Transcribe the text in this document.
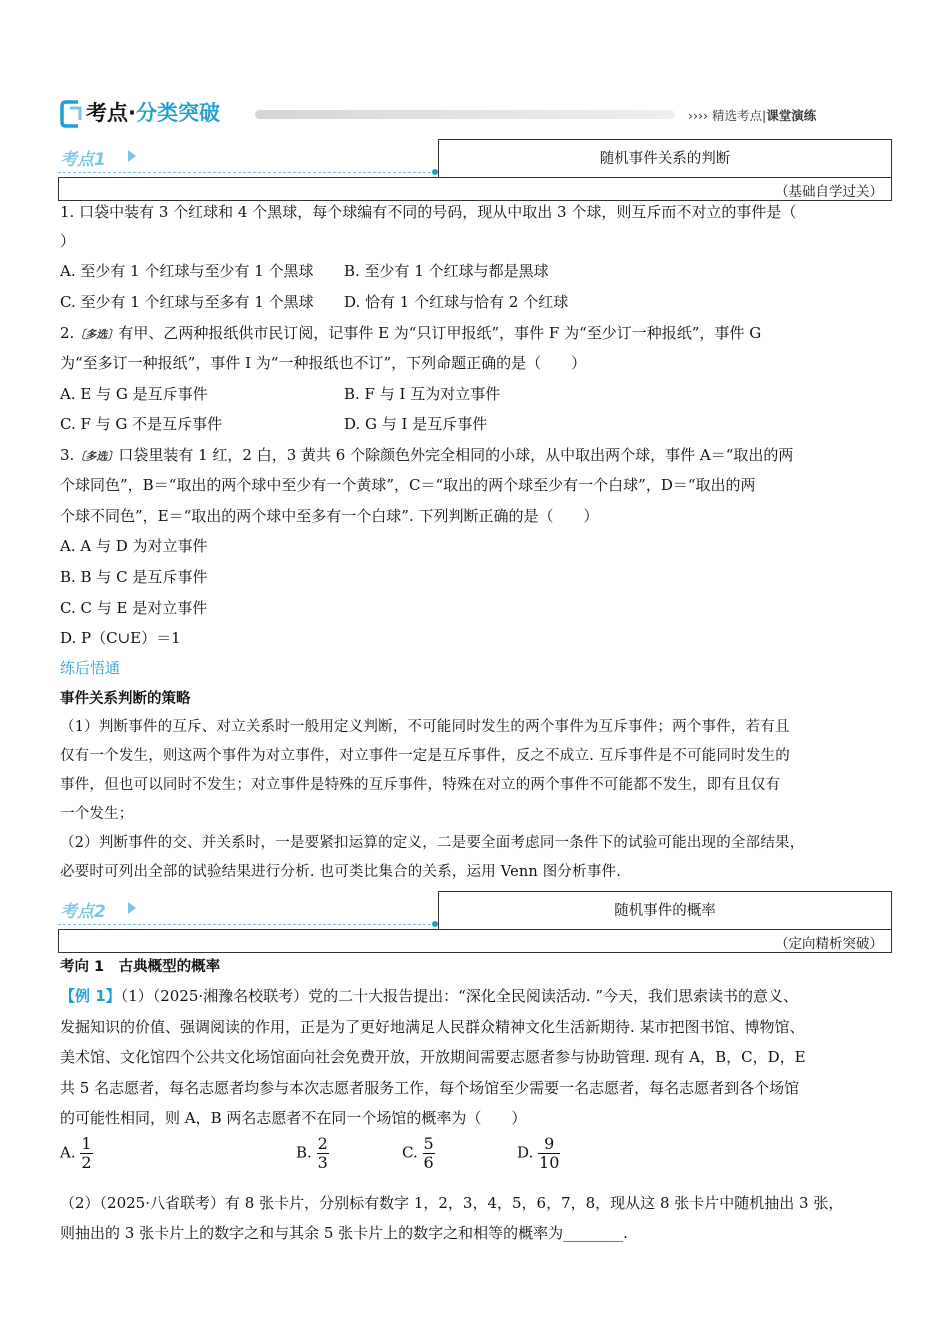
考点·分类突破	›››› 精选考点|课堂演练
考点1	随机事件关系的判断
（基础自学过关）
1. 口袋中装有 3 个红球和 4 个黑球，每个球编有不同的号码，现从中取出 3 个球，则互斥而不对立的事件是（
）
A. 至少有 1 个红球与至少有 1 个黑球 B. 至少有 1 个红球与都是黑球
C. 至少有 1 个红球与至多有 1 个黑球 D. 恰有 1 个红球与恰有 2 个红球
2.〔多选〕有甲、乙两种报纸供市民订阅，记事件 E 为“只订甲报纸”，事件 F 为“至少订一种报纸”，事件 G
为“至多订一种报纸”，事件 I 为“一种报纸也不订”，下列命题正确的是（　　）
A. E 与 G 是互斥事件	B. F 与 I 互为对立事件
C. F 与 G 不是互斥事件	D. G 与 I 是互斥事件
3.〔多选〕口袋里装有 1 红，2 白，3 黄共 6 个除颜色外完全相同的小球，从中取出两个球，事件 A＝“取出的两
个球同色”，B＝“取出的两个球中至少有一个黄球”，C＝“取出的两个球至少有一个白球”，D＝“取出的两
个球不同色”，E＝“取出的两个球中至多有一个白球”. 下列判断正确的是（　　）
A. A 与 D 为对立事件
B. B 与 C 是互斥事件
C. C 与 E 是对立事件
D. P（C∪E）＝1
练后悟通
事件关系判断的策略
（1）判断事件的互斥、对立关系时一般用定义判断，不可能同时发生的两个事件为互斥事件；两个事件，若有且
仅有一个发生，则这两个事件为对立事件，对立事件一定是互斥事件，反之不成立. 互斥事件是不可能同时发生的
事件，但也可以同时不发生；对立事件是特殊的互斥事件，特殊在对立的两个事件不可能都不发生，即有且仅有
一个发生；
（2）判断事件的交、并关系时，一是要紧扣运算的定义，二是要全面考虑同一条件下的试验可能出现的全部结果，
必要时可列出全部的试验结果进行分析. 也可类比集合的关系，运用 Venn 图分析事件.
考点2	随机事件的概率
（定向精析突破）
考向 1　古典概型的概率
【例 1】（1）（2025·湘豫名校联考）党的二十大报告提出：“深化全民阅读活动. ”今天，我们思索读书的意义、
发掘知识的价值、强调阅读的作用，正是为了更好地满足人民群众精神文化生活新期待. 某市把图书馆、博物馆、
美术馆、文化馆四个公共文化场馆面向社会免费开放，开放期间需要志愿者参与协助管理. 现有 A，B，C，D，E
共 5 名志愿者，每名志愿者均参与本次志愿者服务工作，每个场馆至少需要一名志愿者，每名志愿者到各个场馆
的可能性相同，则 A，B 两名志愿者不在同一个场馆的概率为（　　）
A. $\frac{1}{2}$	B. $\frac{2}{3}$	C. $\frac{5}{6}$	D. $\frac{9}{10}$
（2）（2025·八省联考）有 8 张卡片，分别标有数字 1，2，3，4，5，6，7，8，现从这 8 张卡片中随机抽出 3 张，
则抽出的 3 张卡片上的数字之和与其余 5 张卡片上的数字之和相等的概率为________.
